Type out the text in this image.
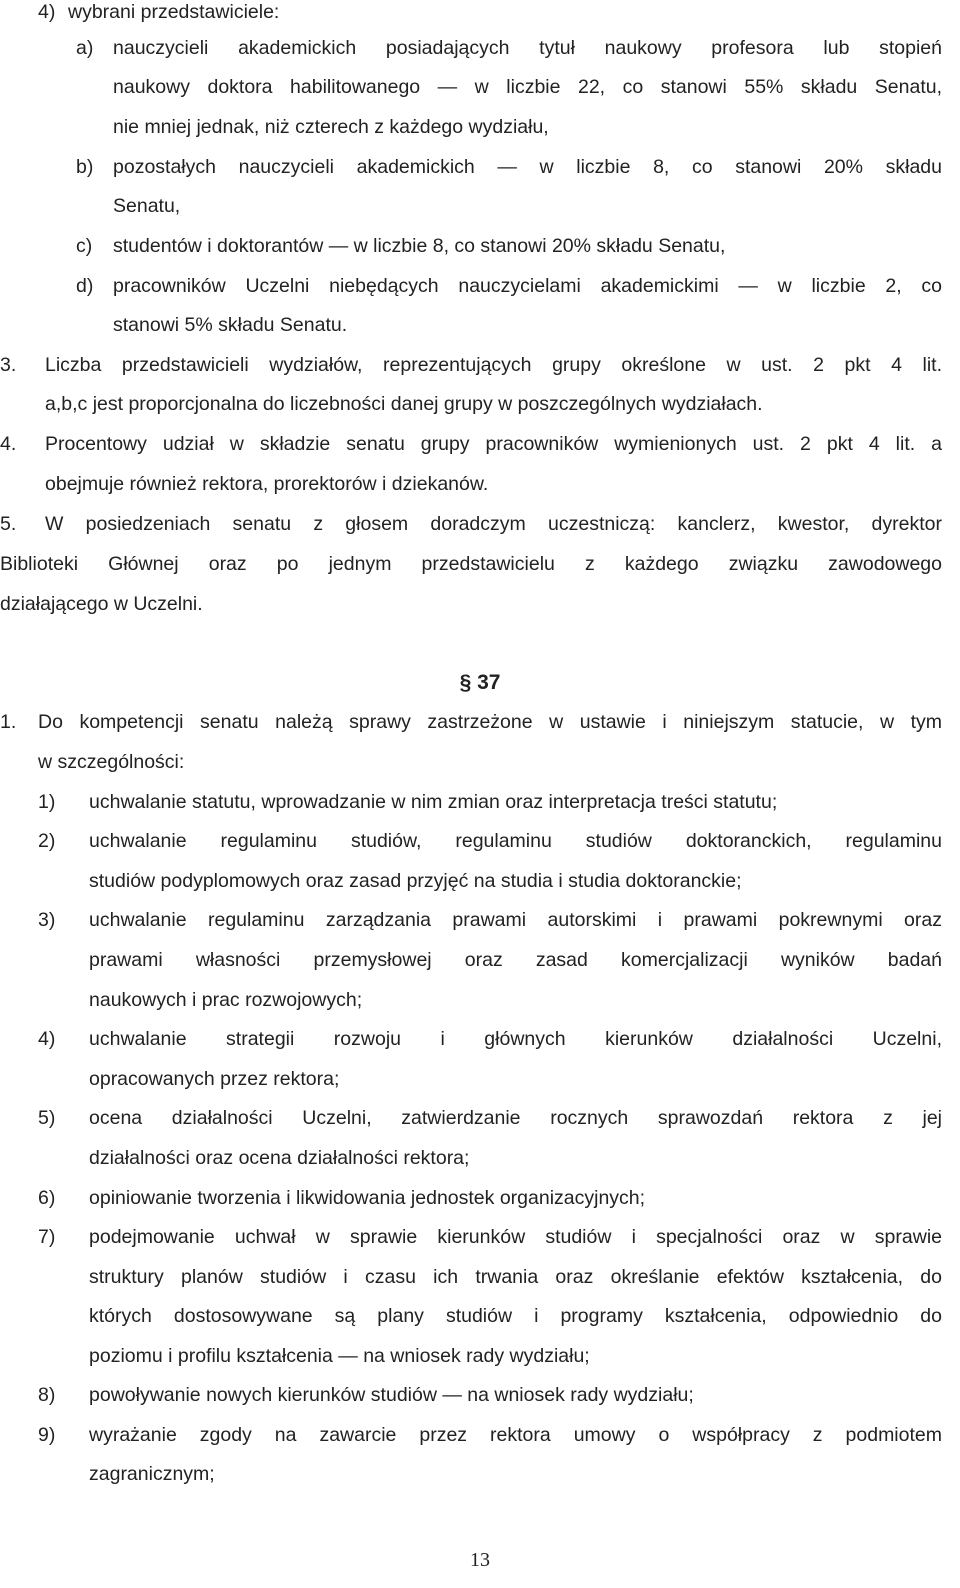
4) wybrani przedstawiciele:
a) nauczycieli akademickich posiadających tytuł naukowy profesora lub stopień
naukowy doktora habilitowanego — w liczbie 22, co stanowi 55% składu Senatu,
nie mniej jednak, niż czterech z każdego wydziału,
b) pozostałych nauczycieli akademickich — w liczbie 8, co stanowi 20% składu
Senatu,
c) studentów i doktorantów — w liczbie 8, co stanowi 20% składu Senatu,
d) pracowników Uczelni niebędących nauczycielami akademickimi — w liczbie 2, co
stanowi 5% składu Senatu.
3. Liczba przedstawicieli wydziałów, reprezentujących grupy określone w ust. 2 pkt 4 lit.
a,b,c jest proporcjonalna do liczebności danej grupy w poszczególnych wydziałach.
4. Procentowy udział w składzie senatu grupy pracowników wymienionych ust. 2 pkt 4 lit. a
obejmuje również rektora, prorektorów i dziekanów.
5. W posiedzeniach senatu z głosem doradczym uczestniczą: kanclerz, kwestor, dyrektor
Biblioteki Głównej oraz po jednym przedstawicielu z każdego związku zawodowego
działającego w Uczelni.
§ 37
1. Do kompetencji senatu należą sprawy zastrzeżone w ustawie i niniejszym statucie, w tym
w szczególności:
1) uchwalanie statutu, wprowadzanie w nim zmian oraz interpretacja treści statutu;
2) uchwalanie regulaminu studiów, regulaminu studiów doktoranckich, regulaminu
studiów podyplomowych oraz zasad przyjęć na studia i studia doktoranckie;
3) uchwalanie regulaminu zarządzania prawami autorskimi i prawami pokrewnymi oraz
prawami własności przemysłowej oraz zasad komercjalizacji wyników badań
naukowych i prac rozwojowych;
4) uchwalanie strategii rozwoju i głównych kierunków działalności Uczelni,
opracowanych przez rektora;
5) ocena działalności Uczelni, zatwierdzanie rocznych sprawozdań rektora z jej
działalności oraz ocena działalności rektora;
6) opiniowanie tworzenia i likwidowania jednostek organizacyjnych;
7) podejmowanie uchwał w sprawie kierunków studiów i specjalności oraz w sprawie
struktury planów studiów i czasu ich trwania oraz określanie efektów kształcenia, do
których dostosowywane są plany studiów i programy kształcenia, odpowiednio do
poziomu i profilu kształcenia — na wniosek rady wydziału;
8) powoływanie nowych kierunków studiów — na wniosek rady wydziału;
9) wyrażanie zgody na zawarcie przez rektora umowy o współpracy z podmiotem
zagranicznym;
13
